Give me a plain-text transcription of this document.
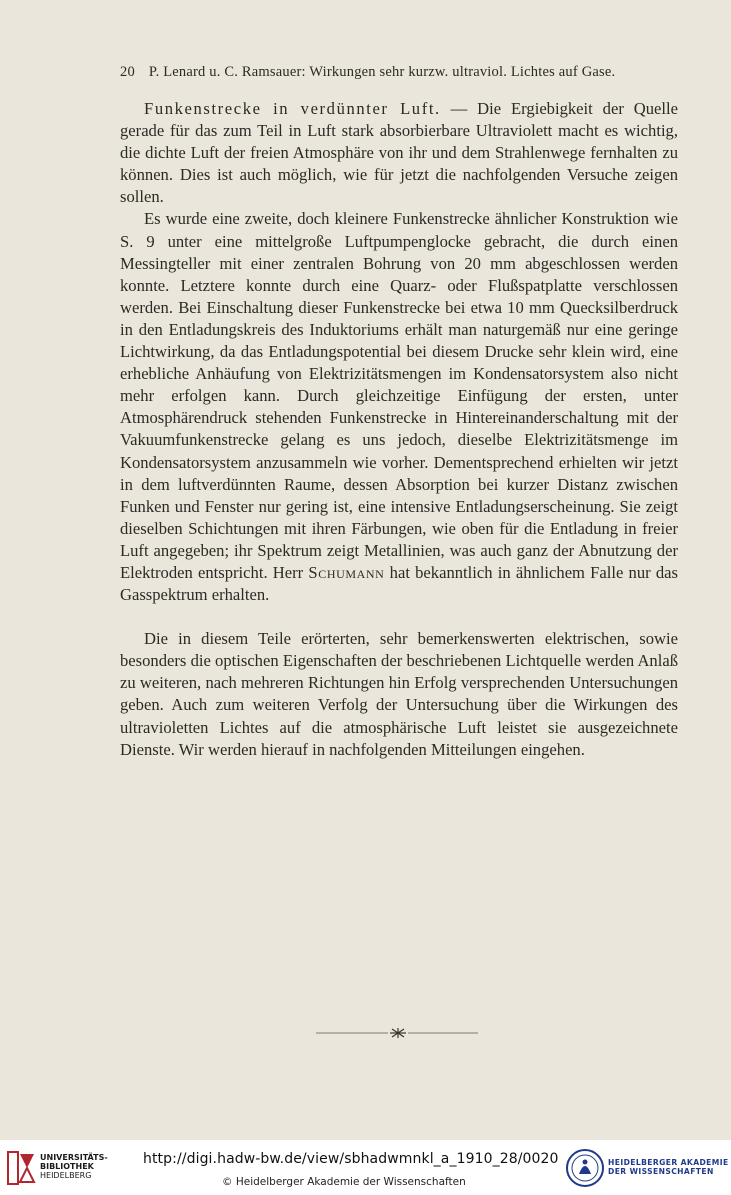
20 P. Lenard u. C. Ramsauer: Wirkungen sehr kurzw. ultraviol. Lichtes auf Gase.

Funkenstrecke in verdünnter Luft. — Die Ergiebigkeit der Quelle gerade für das zum Teil in Luft stark absorbierbare Ultraviolett macht es wichtig, die dichte Luft der freien Atmosphäre von ihr und dem Strahlenwege fernhalten zu können. Dies ist auch möglich, wie für jetzt die nachfolgenden Versuche zeigen sollen.

Es wurde eine zweite, doch kleinere Funkenstrecke ähnlicher Konstruktion wie S. 9 unter eine mittelgroße Luftpumpenglocke gebracht, die durch einen Messingteller mit einer zentralen Bohrung von 20 mm abgeschlossen werden konnte. Letztere konnte durch eine Quarz- oder Flußspatplatte verschlossen werden. Bei Einschaltung dieser Funkenstrecke bei etwa 10 mm Quecksilberdruck in den Entladungskreis des Induktoriums erhält man naturgemäß nur eine geringe Lichtwirkung, da das Entladungspotential bei diesem Drucke sehr klein wird, eine erhebliche Anhäufung von Elektrizitätsmengen im Kondensatorsystem also nicht mehr erfolgen kann. Durch gleichzeitige Einfügung der ersten, unter Atmosphärendruck stehenden Funkenstrecke in Hintereinanderschaltung mit der Vakuumfunkenstrecke gelang es uns jedoch, dieselbe Elektrizitätsmenge im Kondensatorsystem anzusammeln wie vorher. Dementsprechend erhielten wir jetzt in dem luftverdünnten Raume, dessen Absorption bei kurzer Distanz zwischen Funken und Fenster nur gering ist, eine intensive Entladungserscheinung. Sie zeigt dieselben Schichtungen mit ihren Färbungen, wie oben für die Entladung in freier Luft angegeben; ihr Spektrum zeigt Metallinien, was auch ganz der Abnutzung der Elektroden entspricht. Herr Schumann hat bekanntlich in ähnlichem Falle nur das Gasspektrum erhalten.

Die in diesem Teile erörterten, sehr bemerkenswerten elektrischen, sowie besonders die optischen Eigenschaften der beschriebenen Lichtquelle werden Anlaß zu weiteren, nach mehreren Richtungen hin Erfolg versprechenden Untersuchungen geben. Auch zum weiteren Verfolg der Untersuchung über die Wirkungen des ultravioletten Lichtes auf die atmosphärische Luft leistet sie ausgezeichnete Dienste. Wir werden hierauf in nachfolgenden Mitteilungen eingehen.

UNIVERSITÄTS-
BIBLIOTHEK
HEIDELBERG
http://digi.hadw-bw.de/view/sbhadwmnkl_a_1910_28/0020
© Heidelberger Akademie der Wissenschaften
HEIDELBERGER AKADEMIE
DER WISSENSCHAFTEN
